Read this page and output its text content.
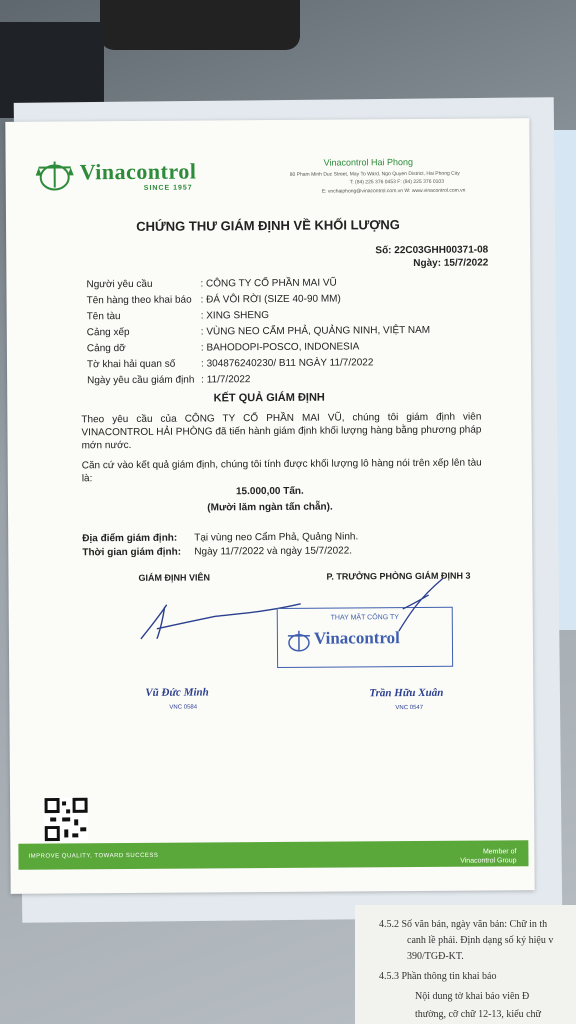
Vinacontrol
SINCE 1957
Vinacontrol Hai Phong
80 Pham Minh Duc Street, May To Ward, Ngo Quyen District, Hai Phong City
T: (84) 225 376 0453 F: (84) 225 376 0103
E: vnchaiphong@vinacontrol.com.vn W: www.vinacontrol.com.vn
CHỨNG THƯ GIÁM ĐỊNH VỀ KHỐI LƯỢNG
Số: 22C03GHH00371-08
Ngày: 15/7/2022
Người yêu cầu	: CÔNG TY CỔ PHẦN MAI VŨ
Tên hàng theo khai báo : ĐÁ VÔI RỜI (SIZE 40-90 MM)
Tên tàu	: XING SHENG
Cảng xếp	: VÙNG NEO CẨM PHẢ, QUẢNG NINH, VIỆT NAM
Cảng dỡ	: BAHODOPI-POSCO, INDONESIA
Tờ khai hải quan số	: 304876240230/ B11 NGÀY 11/7/2022
Ngày yêu cầu giám định : 11/7/2022
KẾT QUẢ GIÁM ĐỊNH
Theo yêu cầu của CÔNG TY CỔ PHẦN MAI VŨ, chúng tôi giám định viên VINACONTROL HẢI PHÒNG đã tiến hành giám định khối lượng hàng bằng phương pháp mớn nước.
Căn cứ vào kết quả giám định, chúng tôi tính được khối lượng lô hàng nói trên xếp lên tàu là:
15.000,00 Tấn.
(Mười lăm ngàn tấn chẵn).
Địa điểm giám định: Tại vùng neo Cẩm Phả, Quảng Ninh.
Thời gian giám định: Ngày 11/7/2022 và ngày 15/7/2022.
GIÁM ĐỊNH VIÊN	P. TRƯỞNG PHÒNG GIÁM ĐỊNH 3
THAY MẶT CÔNG TY
Vinacontrol
Vũ Đức Minh
VNC 0584
Trần Hữu Xuân
VNC 0547
IMPROVE QUALITY, TOWARD SUCCESS
Member of
Vinacontrol Group
4.5.2 Số văn bản, ngày văn bản: Chữ in th
canh lề phải. Định dạng số ký hiệu v
390/TGĐ-KT.
4.5.3 Phần thông tin khai báo
Nội dung tờ khai báo viên Đ
thường, cỡ chữ 12-13, kiểu chữ
